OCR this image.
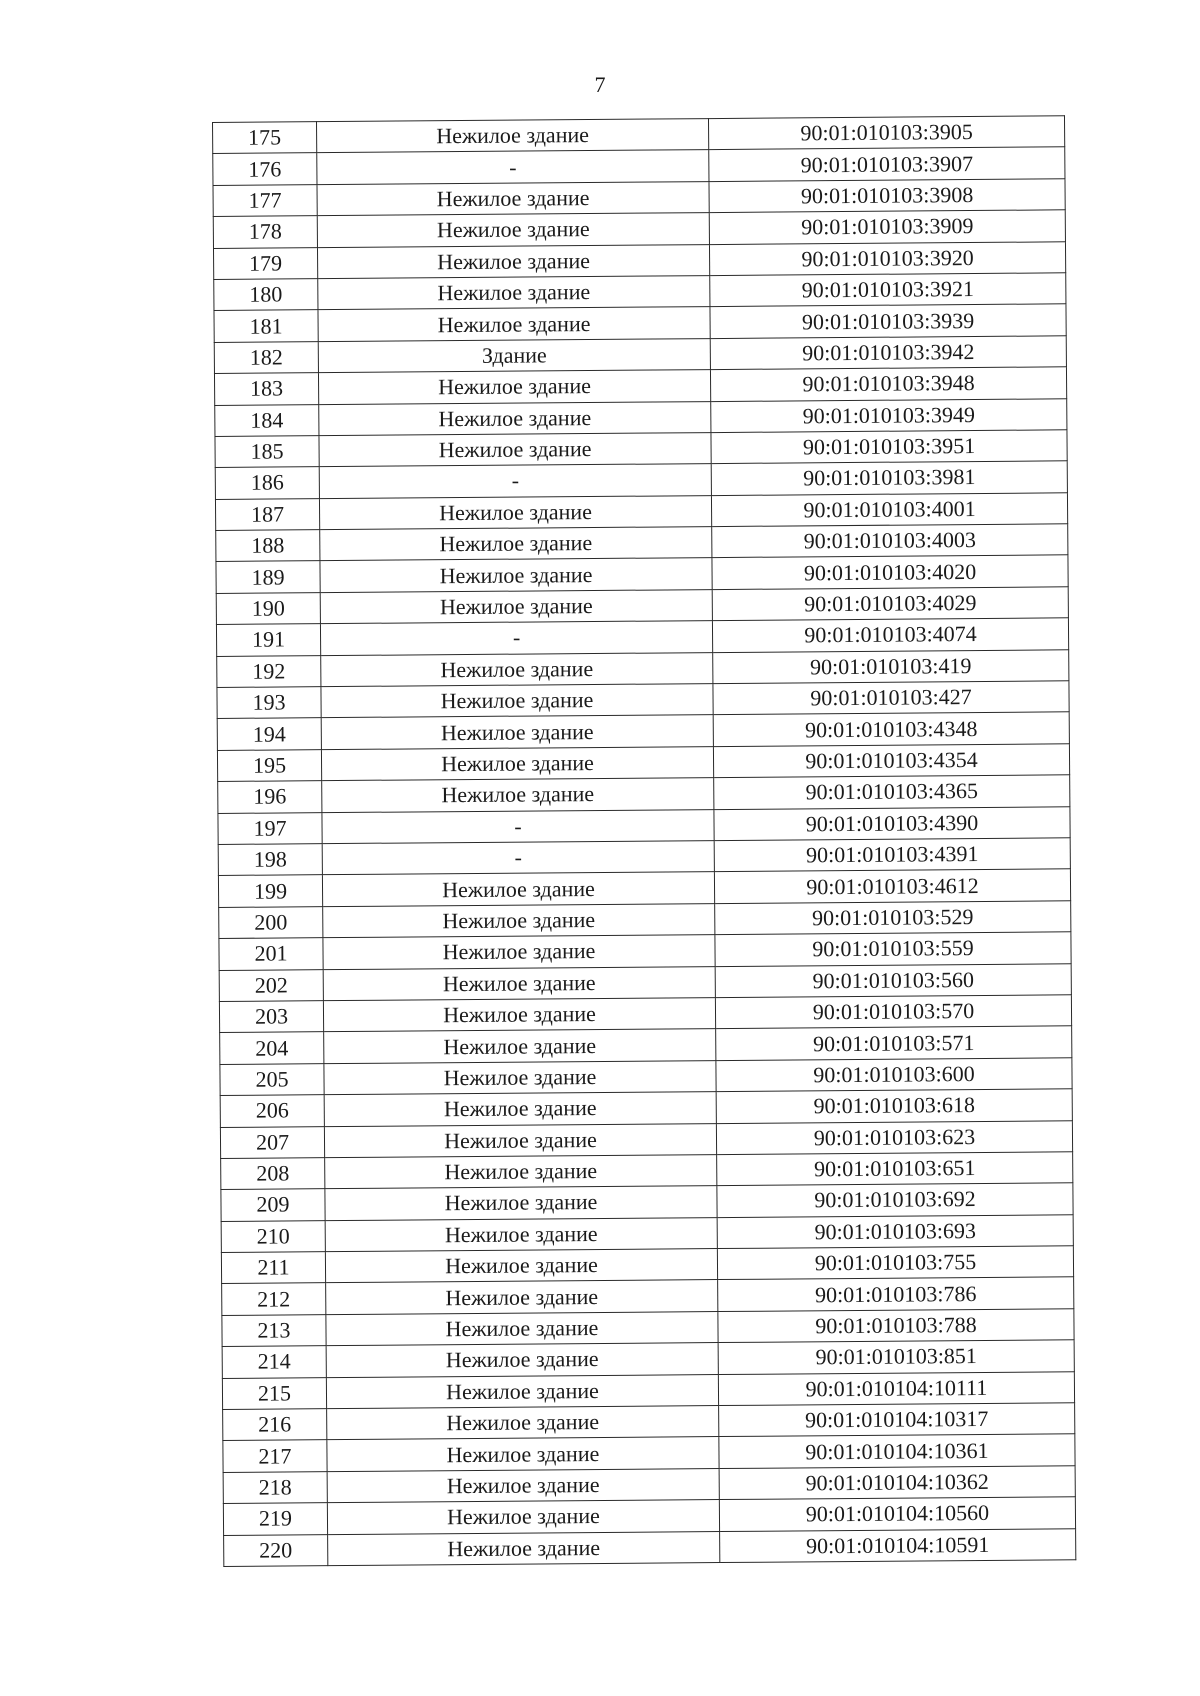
7
175	Нежилое здание	90:01:010103:3905
176	-	90:01:010103:3907
177	Нежилое здание	90:01:010103:3908
178	Нежилое здание	90:01:010103:3909
179	Нежилое здание	90:01:010103:3920
180	Нежилое здание	90:01:010103:3921
181	Нежилое здание	90:01:010103:3939
182	Здание	90:01:010103:3942
183	Нежилое здание	90:01:010103:3948
184	Нежилое здание	90:01:010103:3949
185	Нежилое здание	90:01:010103:3951
186	-	90:01:010103:3981
187	Нежилое здание	90:01:010103:4001
188	Нежилое здание	90:01:010103:4003
189	Нежилое здание	90:01:010103:4020
190	Нежилое здание	90:01:010103:4029
191	-	90:01:010103:4074
192	Нежилое здание	90:01:010103:419
193	Нежилое здание	90:01:010103:427
194	Нежилое здание	90:01:010103:4348
195	Нежилое здание	90:01:010103:4354
196	Нежилое здание	90:01:010103:4365
197	-	90:01:010103:4390
198	-	90:01:010103:4391
199	Нежилое здание	90:01:010103:4612
200	Нежилое здание	90:01:010103:529
201	Нежилое здание	90:01:010103:559
202	Нежилое здание	90:01:010103:560
203	Нежилое здание	90:01:010103:570
204	Нежилое здание	90:01:010103:571
205	Нежилое здание	90:01:010103:600
206	Нежилое здание	90:01:010103:618
207	Нежилое здание	90:01:010103:623
208	Нежилое здание	90:01:010103:651
209	Нежилое здание	90:01:010103:692
210	Нежилое здание	90:01:010103:693
211	Нежилое здание	90:01:010103:755
212	Нежилое здание	90:01:010103:786
213	Нежилое здание	90:01:010103:788
214	Нежилое здание	90:01:010103:851
215	Нежилое здание	90:01:010104:10111
216	Нежилое здание	90:01:010104:10317
217	Нежилое здание	90:01:010104:10361
218	Нежилое здание	90:01:010104:10362
219	Нежилое здание	90:01:010104:10560
220	Нежилое здание	90:01:010104:10591
